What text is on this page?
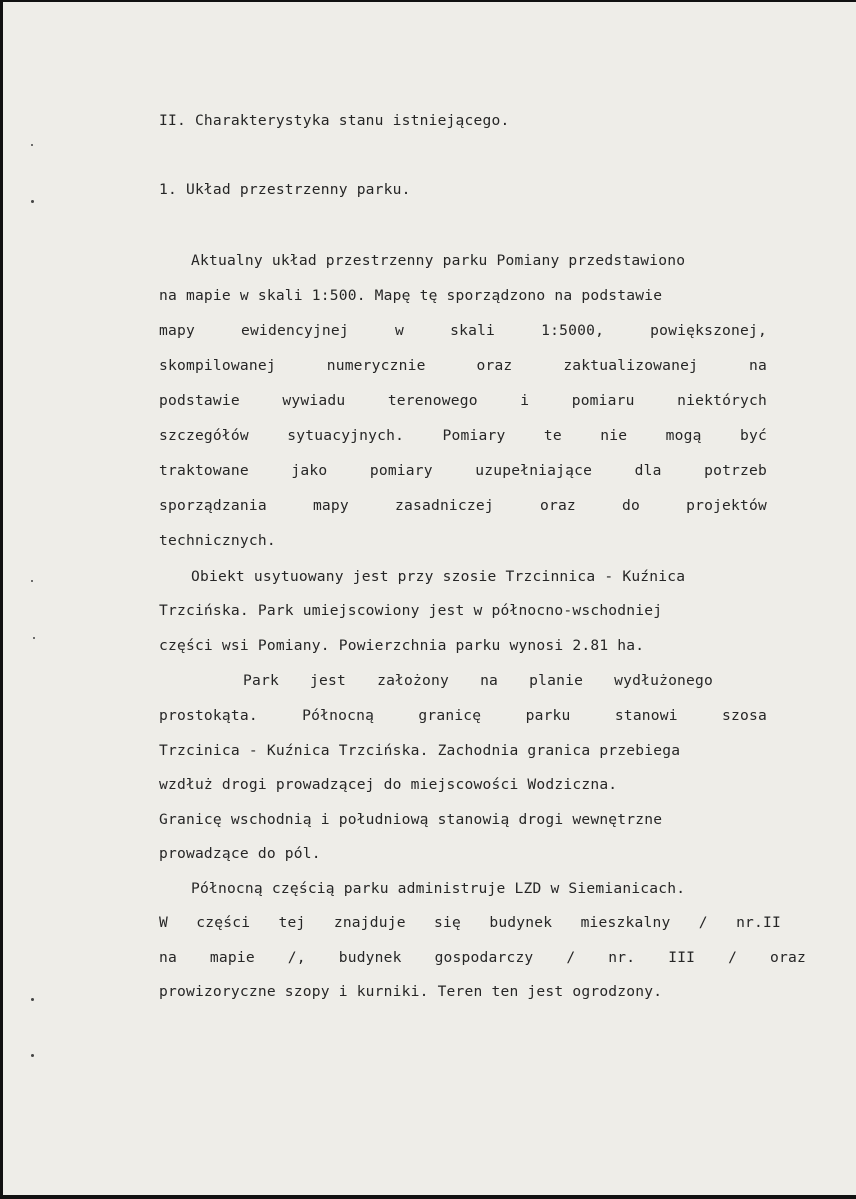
II. Charakterystyka stanu istniejącego.
1. Układ przestrzenny parku.
Aktualny układ przestrzenny parku Pomiany przedstawiono
na mapie w skali 1:500. Mapę tę sporządzono na podstawie
mapy ewidencyjnej w skali 1:5000, powiększonej,
skompilowanej numerycznie oraz zaktualizowanej na
podstawie wywiadu terenowego i pomiaru niektórych
szczegółów sytuacyjnych. Pomiary te nie mogą być
traktowane jako pomiary uzupełniające dla potrzeb
sporządzania mapy zasadniczej oraz do projektów
technicznych.
Obiekt usytuowany jest przy szosie Trzcinnica - Kuźnica
Trzcińska. Park umiejscowiony jest w północno-wschodniej
części wsi Pomiany. Powierzchnia parku wynosi 2.81 ha.
Park jest założony na planie wydłużonego
prostokąta. Północną granicę parku stanowi szosa
Trzcinica - Kuźnica Trzcińska. Zachodnia granica przebiega
wzdłuż drogi prowadzącej do miejscowości Wodziczna.
Granicę wschodnią i południową stanowią drogi wewnętrzne
prowadzące do pól.
Północną częścią parku administruje LZD w Siemianicach.
W części tej znajduje się budynek mieszkalny / nr.II
na mapie /, budynek gospodarczy / nr. III / oraz
prowizoryczne szopy i kurniki. Teren ten jest ogrodzony.
